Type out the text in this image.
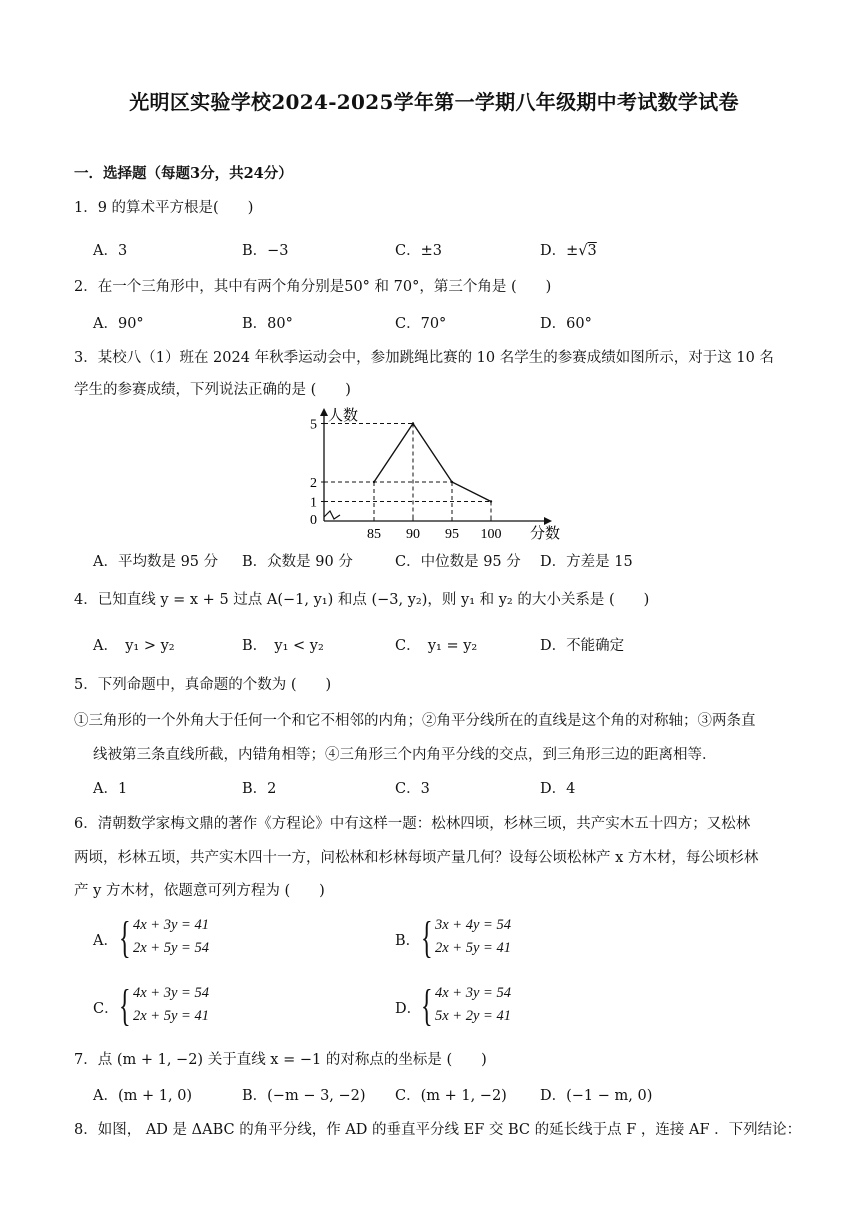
光明区实验学校2024-2025学年第一学期八年级期中考试数学试卷
一．选择题（每题3分，共24分）
1．9 的算术平方根是(　　)
A．3	B．−3	C．±3	D．±√3
2．在一个三角形中，其中有两个角分别是50° 和 70°，第三个角是 (　　)
A．90°	B．80°	C．70°	D．60°
3．某校八（1）班在 2024 年秋季运动会中，参加跳绳比赛的 10 名学生的参赛成绩如图所示，对于这 10 名
学生的参赛成绩，下列说法正确的是 (　　)
人数
分数
0
1
2
5
85 90 95 100
A．平均数是 95 分 B．众数是 90 分	C．中位数是 95 分 D．方差是 15
4．已知直线 y = x + 5 过点 A(−1, y₁) 和点 (−3, y₂)，则 y₁ 和 y₂ 的大小关系是 (　　)
A．　y₁ > y₂	B．　y₁ < y₂	C．　y₁ = y₂	D．不能确定
5．下列命题中，真命题的个数为 (　　)
①三角形的一个外角大于任何一个和它不相邻的内角；②角平分线所在的直线是这个角的对称轴；③两条直
线被第三条直线所截，内错角相等；④三角形三个内角平分线的交点，到三角形三边的距离相等．
A．1	B．2	C．3	D．4
6．清朝数学家梅文鼎的著作《方程论》中有这样一题：松林四顷，杉林三顷，共产实木五十四方；又松林
两顷，杉林五顷，共产实木四十一方，问松林和杉林每顷产量几何？设每公顷松林产 x 方木材，每公顷杉林
产 y 方木材，依题意可列方程为 (　　)
A． { 4x + 3y = 41
2x + 5y = 54	B． { 3x + 4y = 54
2x + 5y = 41
C． { 4x + 3y = 54
2x + 5y = 41	D． { 4x + 3y = 54
5x + 2y = 41
7．点 (m + 1, −2) 关于直线 x = −1 的对称点的坐标是 (　　)
A．(m + 1, 0)	B．(−m − 3, −2) C．(m + 1, −2) D．(−1 − m, 0)
8．如图， AD 是 ΔABC 的角平分线，作 AD 的垂直平分线 EF 交 BC 的延长线于点 F ，连接 AF ．下列结论：
